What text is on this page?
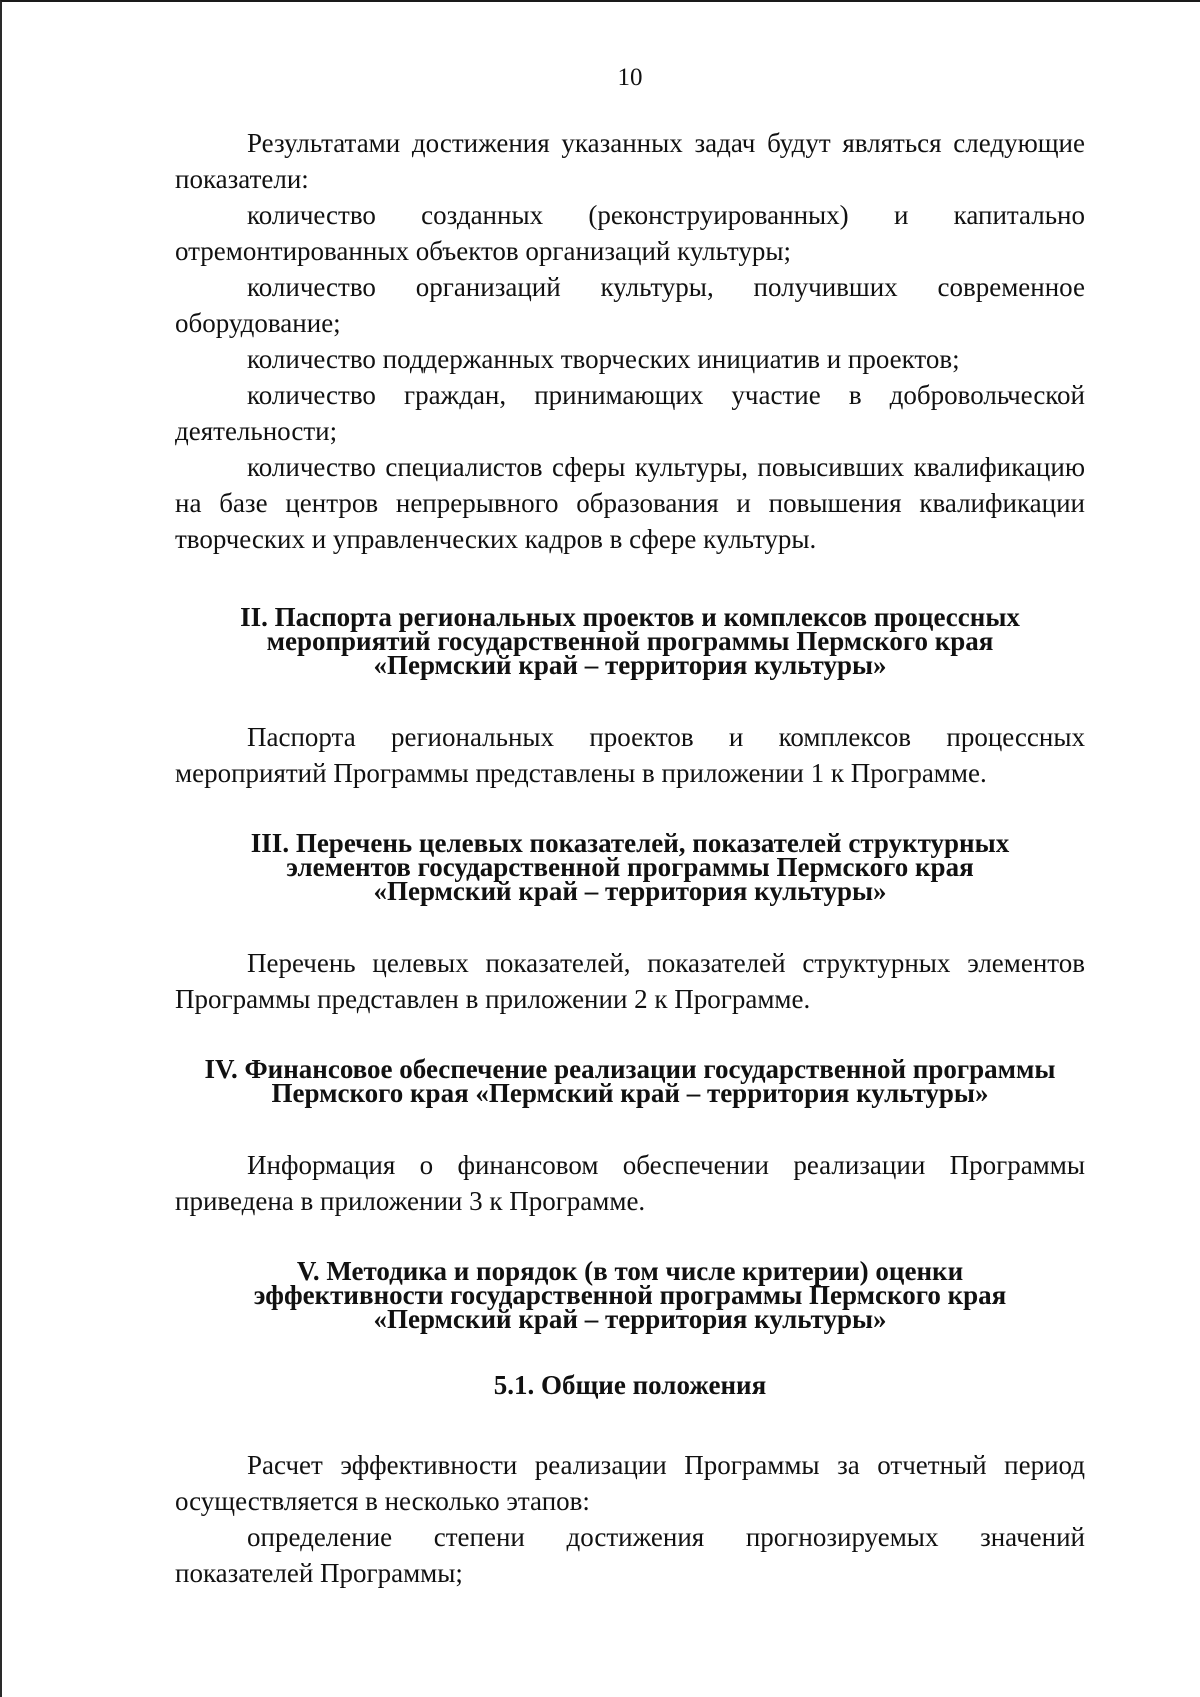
10

Результатами достижения указанных задач будут являться следующие показатели:

количество созданных (реконструированных) и капитально отремонтированных объектов организаций культуры;

количество организаций культуры, получивших современное оборудование;

количество поддержанных творческих инициатив и проектов;

количество граждан, принимающих участие в добровольческой деятельности;

количество специалистов сферы культуры, повысивших квалификацию на базе центров непрерывного образования и повышения квалификации творческих и управленческих кадров в сфере культуры.

II. Паспорта региональных проектов и комплексов процессных
мероприятий государственной программы Пермского края
«Пермский край – территория культуры»

Паспорта региональных проектов и комплексов процессных мероприятий Программы представлены в приложении 1 к Программе.

III. Перечень целевых показателей, показателей структурных
элементов государственной программы Пермского края
«Пермский край – территория культуры»

Перечень целевых показателей, показателей структурных элементов Программы представлен в приложении 2 к Программе.

IV. Финансовое обеспечение реализации государственной программы
Пермского края «Пермский край – территория культуры»

Информация о финансовом обеспечении реализации Программы приведена в приложении 3 к Программе.

V. Методика и порядок (в том числе критерии) оценки
эффективности государственной программы Пермского края
«Пермский край – территория культуры»
5.1. Общие положения

Расчет эффективности реализации Программы за отчетный период осуществляется в несколько этапов:

определение степени достижения прогнозируемых значений показателей Программы;
